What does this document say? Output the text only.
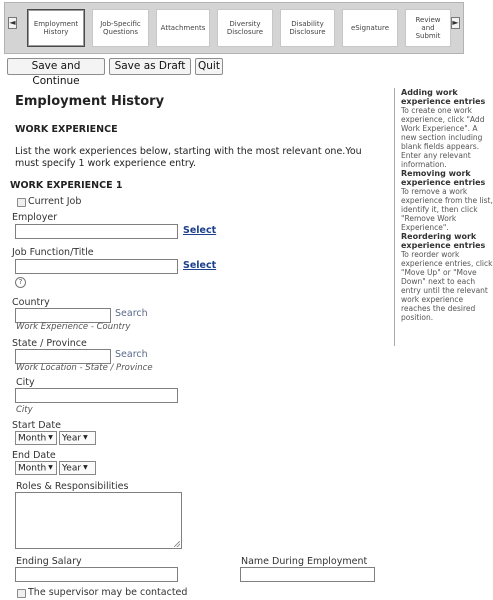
◄	Employment History
Job-Specific Questions	Attachments	Diversity Disclosure
Disability Disclosure	eSignature
Review and Submit
►
Save and Continue
Save as Draft	Quit
Employment History
WORK EXPERIENCE

List the work experiences below, starting with the most relevant one.You must specify 1 work experience entry.

WORK EXPERIENCE 1
Current Job
Employer
Select
Job Function/Title
Select
?
Country
Search
Work Experience - Country
State / Province
Search
Work Location - State / Province
City
City
Start Date
Month ▼	Year ▼
End Date
Month ▼	Year ▼
Roles & Responsibilities
Ending Salary	Name During Employment
The supervisor may be contacted

Adding work experience entries

To create one work experience, click "Add Work Experience". A new section including blank fields appears. Enter any relevant information.

Removing work experience entries

To remove a work experience from the list, identify it, then click "Remove Work Experience".

Reordering work experience entries

To reorder work experience entries, click "Move Up" or "Move Down" next to each entry until the relevant work experience reaches the desired position.
